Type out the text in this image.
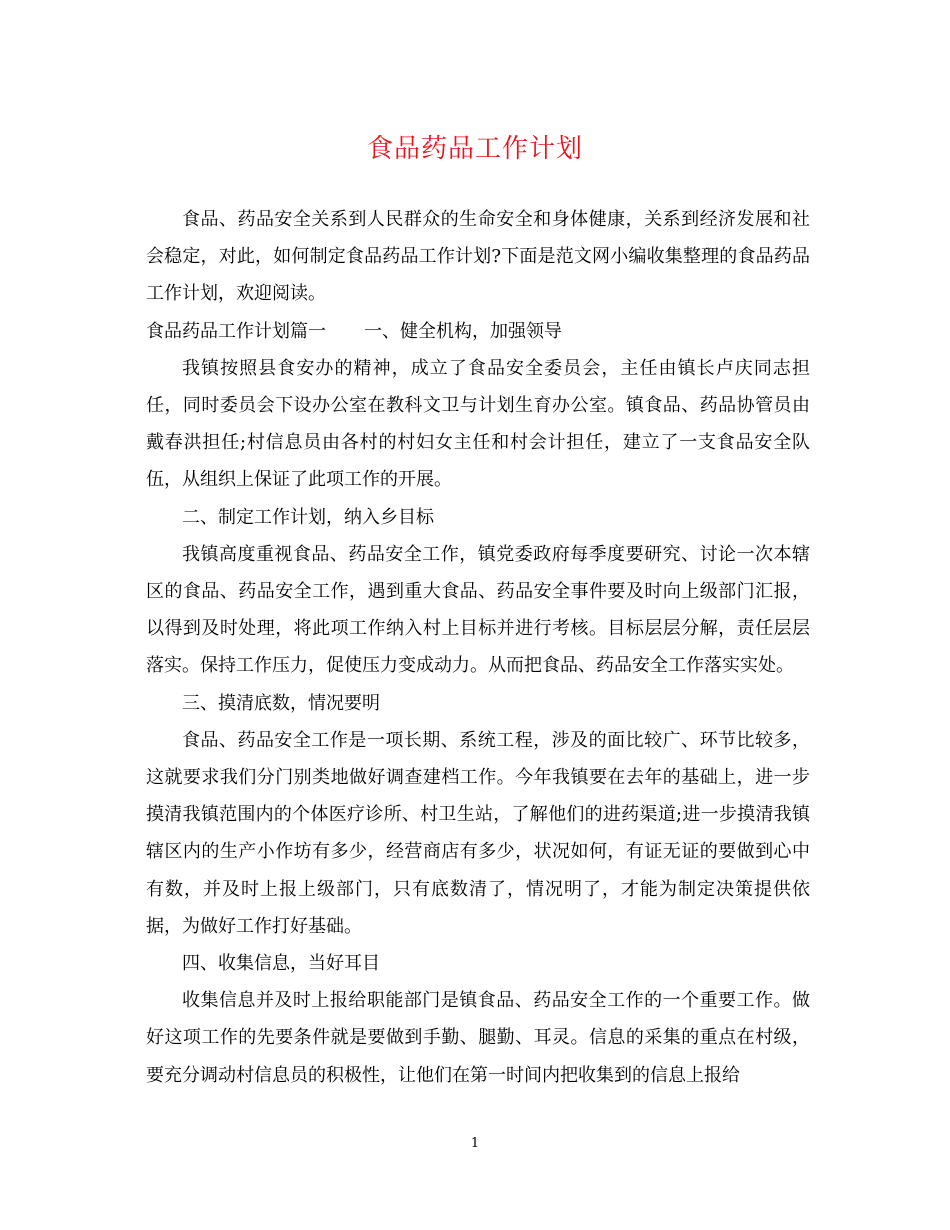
食品药品工作计划

食品、药品安全关系到人民群众的生命安全和身体健康，关系到经济发展和社会稳定，对此，如何制定食品药品工作计划?下面是范文网小编收集整理的食品药品工作计划，欢迎阅读。

食品药品工作计划篇一 一、健全机构，加强领导

我镇按照县食安办的精神，成立了食品安全委员会，主任由镇长卢庆同志担任，同时委员会下设办公室在教科文卫与计划生育办公室。镇食品、药品协管员由戴春洪担任;村信息员由各村的村妇女主任和村会计担任，建立了一支食品安全队伍，从组织上保证了此项工作的开展。

二、制定工作计划，纳入乡目标

我镇高度重视食品、药品安全工作，镇党委政府每季度要研究、讨论一次本辖区的食品、药品安全工作，遇到重大食品、药品安全事件要及时向上级部门汇报，以得到及时处理，将此项工作纳入村上目标并进行考核。目标层层分解，责任层层落实。保持工作压力，促使压力变成动力。从而把食品、药品安全工作落实实处。

三、摸清底数，情况要明

食品、药品安全工作是一项长期、系统工程，涉及的面比较广、环节比较多，这就要求我们分门别类地做好调查建档工作。今年我镇要在去年的基础上，进一步摸清我镇范围内的个体医疗诊所、村卫生站，了解他们的进药渠道;进一步摸清我镇辖区内的生产小作坊有多少，经营商店有多少，状况如何，有证无证的要做到心中有数，并及时上报上级部门，只有底数清了，情况明了，才能为制定决策提供依据，为做好工作打好基础。

四、收集信息，当好耳目

收集信息并及时上报给职能部门是镇食品、药品安全工作的一个重要工作。做好这项工作的先要条件就是要做到手勤、腿勤、耳灵。信息的采集的重点在村级，要充分调动村信息员的积极性，让他们在第一时间内把收集到的信息上报给

1
